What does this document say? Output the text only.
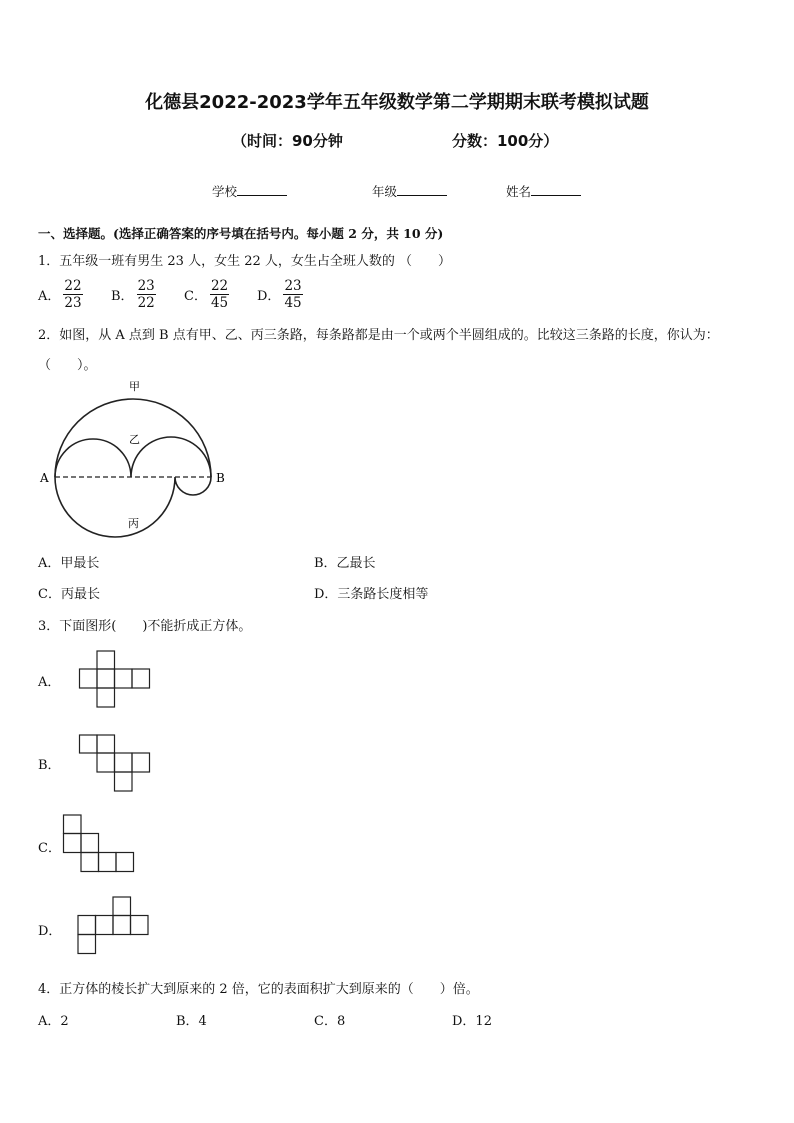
化德县2022-2023学年五年级数学第二学期期末联考模拟试题
（时间：90分钟	分数：100分）
学校	年级	姓名
一、选择题。(选择正确答案的序号填在括号内。每小题 2 分，共 10 分)
1．五年级一班有男生 23 人，女生 22 人，女生占全班人数的 （　　）
A． $\frac{22}{23}$ B． $\frac{23}{22}$ C． $\frac{22}{45}$ D． $\frac{23}{45}$
2．如图，从 A 点到 B 点有甲、乙、丙三条路，每条路都是由一个或两个半圆组成的。比较这三条路的长度，你认为：
（　　）。
甲
乙
丙
A	B
A．甲最长	B．乙最长
C．丙最长	D．三条路长度相等
3．下面图形(　　)不能折成正方体。
A．
B．
C．
D．
4．正方体的棱长扩大到原来的 2 倍，它的表面积扩大到原来的（　　）倍。
A．2	B．4	C．8	D．12
